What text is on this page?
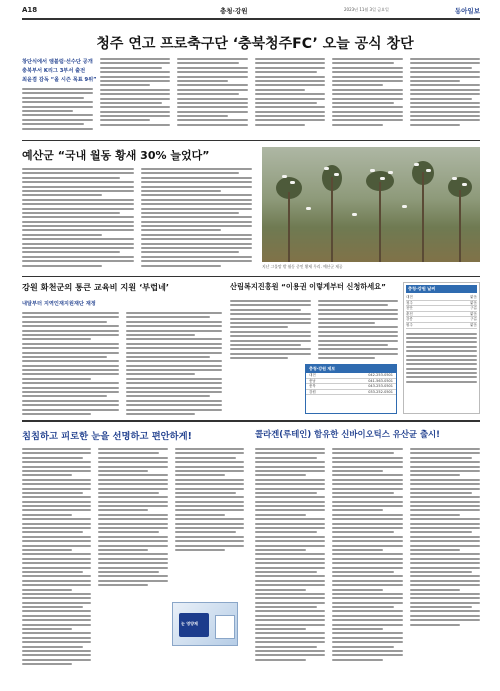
A18	충청·강원	2023년 11월 3일 금요일	동아일보
청주 연고 프로축구단 ‘충북청주FC’ 오늘 공식 창단
창단식에서 엠블럼·선수단 공개
충북부서 K리그 3부서 출전
최윤겸 감독 “올 시즌 목표 9위”
예산군 “국내 월동 황새 30% 늘었다”
지난 그물망 밖 월동 중인 황새 무리. 예산군 제공
강원 화천군의 통큰 교육비 지원 ‘부럽네’
내달부터 지역인재지원재단 재정
산림복지진흥원 “이용권 이렇게부터 신청하세요”
충청·강원 제보
대전	042-253-0501
충남	041-563-0501
충북	043-253-0501
강원	033-252-0501
충청·강원 날씨
대전	맑음
청주	맑음
천안	구름
춘천	맑음
강릉	구름
원주	맑음
침침하고 피로한 눈을 선명하고 편안하게!
눈 영양제
콜라겐(루테인) 함유한 신바이오틱스 유산균 출시!
